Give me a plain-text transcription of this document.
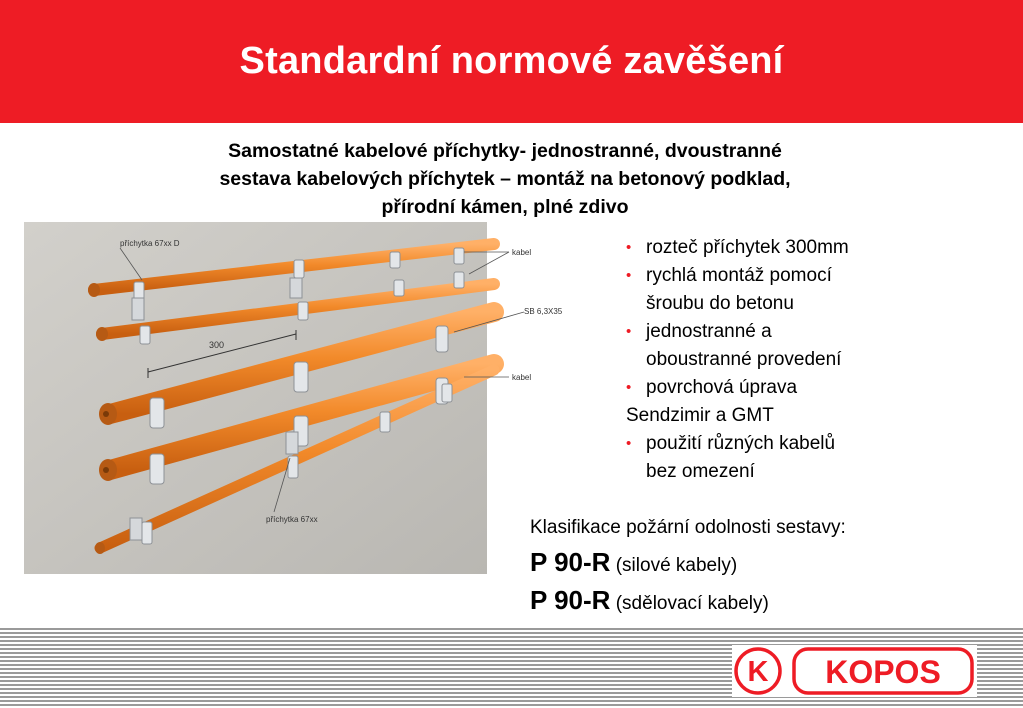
Standardní normové zavěšení
Samostatné kabelové příchytky- jednostranné, dvoustranné
sestava kabelových příchytek – montáž na betonový podklad,
přírodní kámen, plné zdivo
300
příchytka 67xx D
kabel
SB 6,3X35
kabel
příchytka 67xx
• rozteč příchytek 300mm
• rychlá montáž pomocí
šroubu do betonu
• jednostranné a
oboustranné provedení
• povrchová úprava
Sendzimir a GMT
• použití různých kabelů
bez omezení
Klasifikace požární odolnosti sestavy:
P 90-R (silové kabely)
P 90-R (sdělovací kabely)
K KOPOS
